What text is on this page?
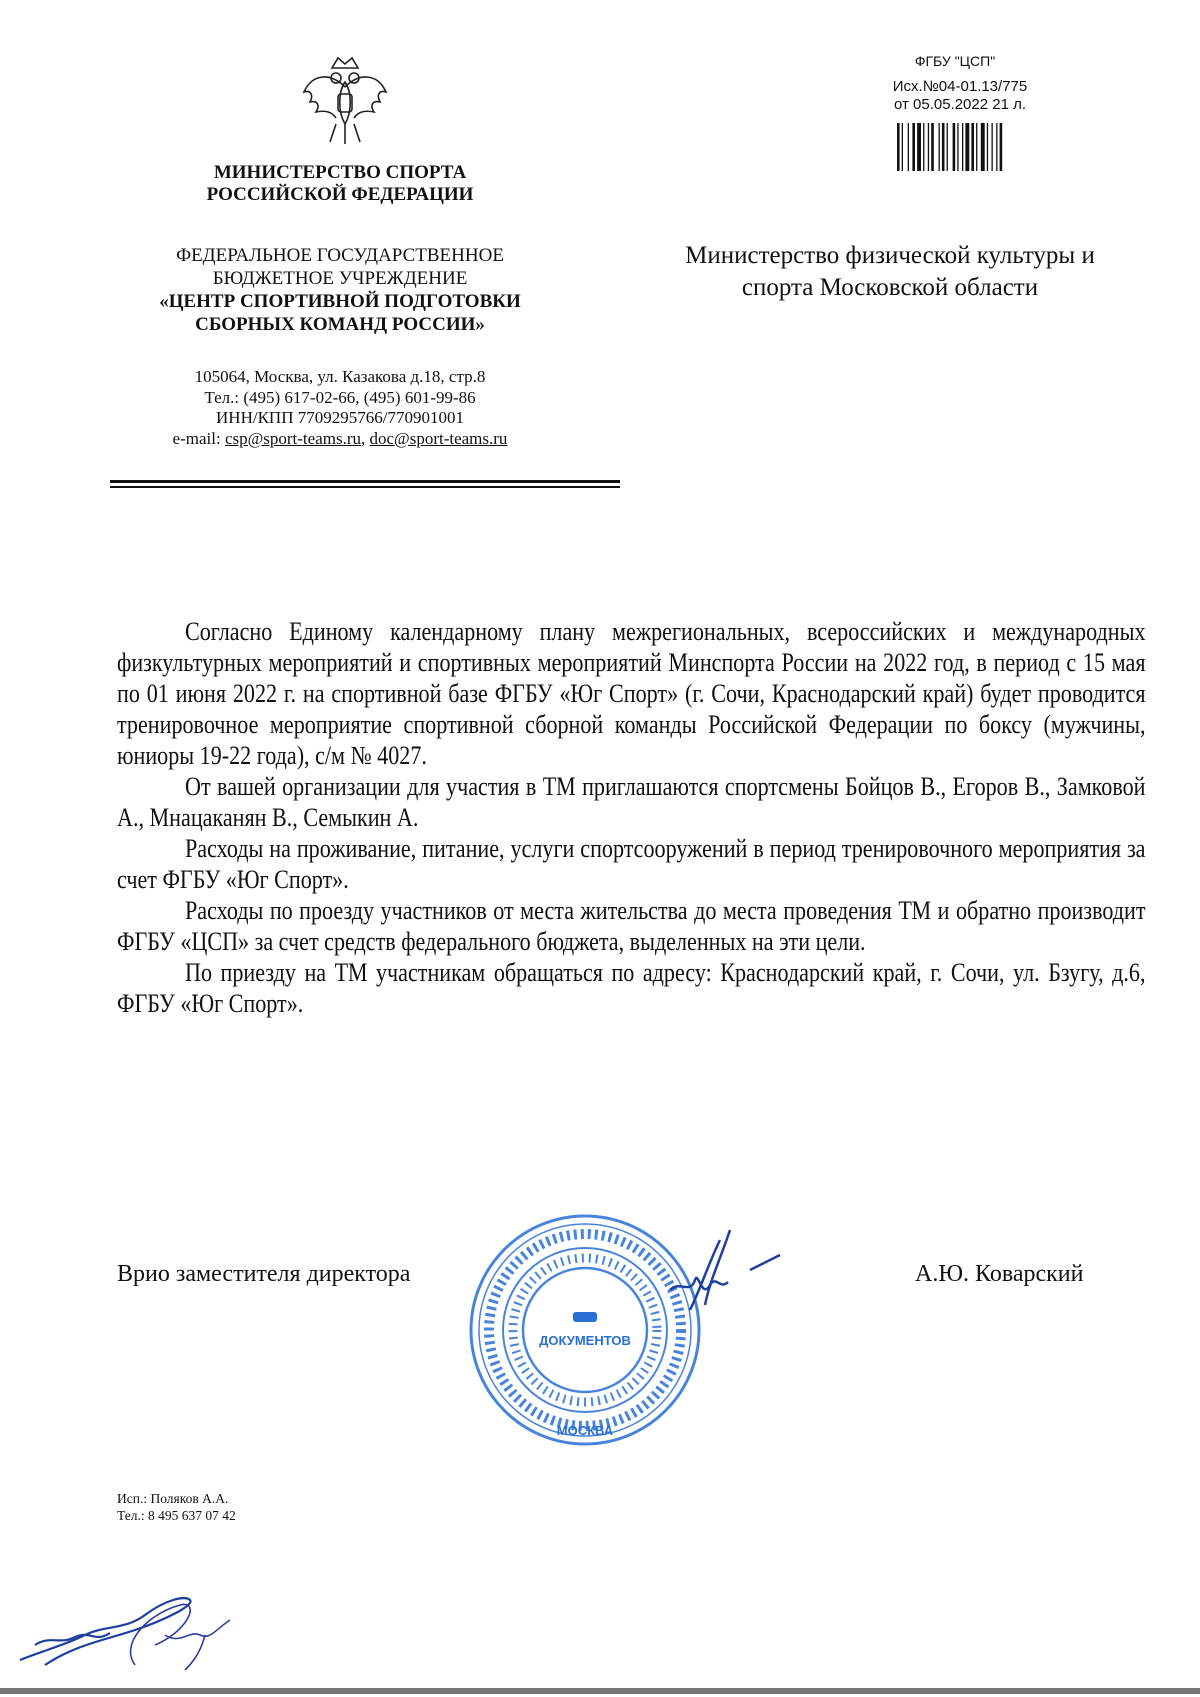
МИНИСТЕРСТВО СПОРТА
РОССИЙСКОЙ ФЕДЕРАЦИИ
ФЕДЕРАЛЬНОЕ ГОСУДАРСТВЕННОЕ
БЮДЖЕТНОЕ УЧРЕЖДЕНИЕ
«ЦЕНТР СПОРТИВНОЙ ПОДГОТОВКИ
СБОРНЫХ КОМАНД РОССИИ»
105064, Москва, ул. Казакова д.18, стр.8
Тел.: (495) 617-02-66, (495) 601-99-86
ИНН/КПП 7709295766/770901001
e-mail: csp@sport-teams.ru, doc@sport-teams.ru
ФГБУ "ЦСП"
Исх.№04-01.13/775
от 05.05.2022 21 л.
Министерство физической культуры и
спорта Московской области

Согласно Единому календарному плану межрегиональных, всероссийских и международных физкультурных мероприятий и спортивных мероприятий Минспорта России на 2022 год, в период с 15 мая по 01 июня 2022 г. на спортивной базе ФГБУ «Юг Спорт» (г. Сочи, Краснодарский край) будет проводится тренировочное мероприятие спортивной сборной команды Российской Федерации по боксу (мужчины, юниоры 19-22 года), с/м № 4027.

От вашей организации для участия в ТМ приглашаются спортсмены Бойцов В., Егоров В., Замковой А., Мнацаканян В., Семыкин А.

Расходы на проживание, питание, услуги спортсооружений в период тренировочного мероприятия за счет ФГБУ «Юг Спорт».

Расходы по проезду участников от места жительства до места проведения ТМ и обратно производит ФГБУ «ЦСП» за счет средств федерального бюджета, выделенных на эти цели.

По приезду на ТМ участникам обращаться по адресу: Краснодарский край, г. Сочи, ул. Бзугу, д.6, ФГБУ «Юг Спорт».

Врио заместителя директора	А.Ю. Коварский
ДОКУМЕНТОВ
МОСКВА
Исп.: Поляков А.А.
Тел.: 8 495 637 07 42
